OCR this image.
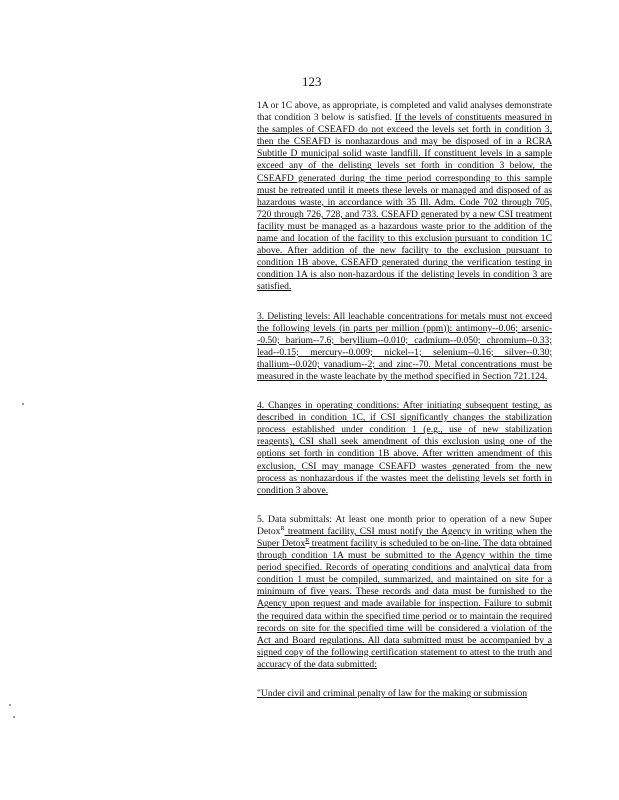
123

1A or 1C above, as appropriate, is completed and valid analyses demonstrate that condition 3 below is satisfied. If the levels of constituents measured in the samples of CSEAFD do not exceed the levels set forth in condition 3, then the CSEAFD is nonhazardous and may be disposed of in a RCRA Subtitle D municipal solid waste landfill. If constituent levels in a sample exceed any of the delisting levels set forth in condition 3 below, the CSEAFD generated during the time period corresponding to this sample must be retreated until it meets these levels or managed and disposed of as hazardous waste, in accordance with 35 Ill. Adm. Code 702 through 705, 720 through 726, 728, and 733. CSEAFD generated by a new CSI treatment facility must be managed as a hazardous waste prior to the addition of the name and location of the facility to this exclusion pursuant to condition 1C above. After addition of the new facility to the exclusion pursuant to condition 1B above, CSEAFD generated during the verification testing in condition 1A is also non-hazardous if the delisting levels in condition 3 are satisfied.

3. Delisting levels: All leachable concentrations for metals must not exceed the following levels (in parts per million (ppm)): antimony--0.06; arsenic--0.50; barium--7.6; beryllium--0.010; cadmium--0.050; chromium--0.33; lead--0.15; mercury--0.009; nickel--1; selenium--0.16; silver--0.30; thallium--0.020; vanadium--2; and zinc--70. Metal concentrations must be measured in the waste leachate by the method specified in Section 721.124.

4. Changes in operating conditions: After initiating subsequent testing, as described in condition 1C, if CSI significantly changes the stabilization process established under condition 1 (e.g., use of new stabilization reagents), CSI shall seek amendment of this exclusion using one of the options set forth in condition 1B above. After written amendment of this exclusion, CSI may manage CSEAFD wastes generated from the new process as nonhazardous if the wastes meet the delisting levels set forth in condition 3 above.

5. Data submittals: At least one month prior to operation of a new Super Detox$^R$ treatment facility, CSI must notify the Agency in writing when the Super Detox$^R$ treatment facility is scheduled to be on-line. The data obtained through condition 1A must be submitted to the Agency within the time period specified. Records of operating conditions and analytical data from condition 1 must be compiled, summarized, and maintained on site for a minimum of five years. These records and data must be furnished to the Agency upon request and made available for inspection. Failure to submit the required data within the specified time period or to maintain the required records on site for the specified time will be considered a violation of the Act and Board regulations. All data submitted must be accompanied by a signed copy of the following certification statement to attest to the truth and accuracy of the data submitted:

"Under civil and criminal penalty of law for the making or submission
